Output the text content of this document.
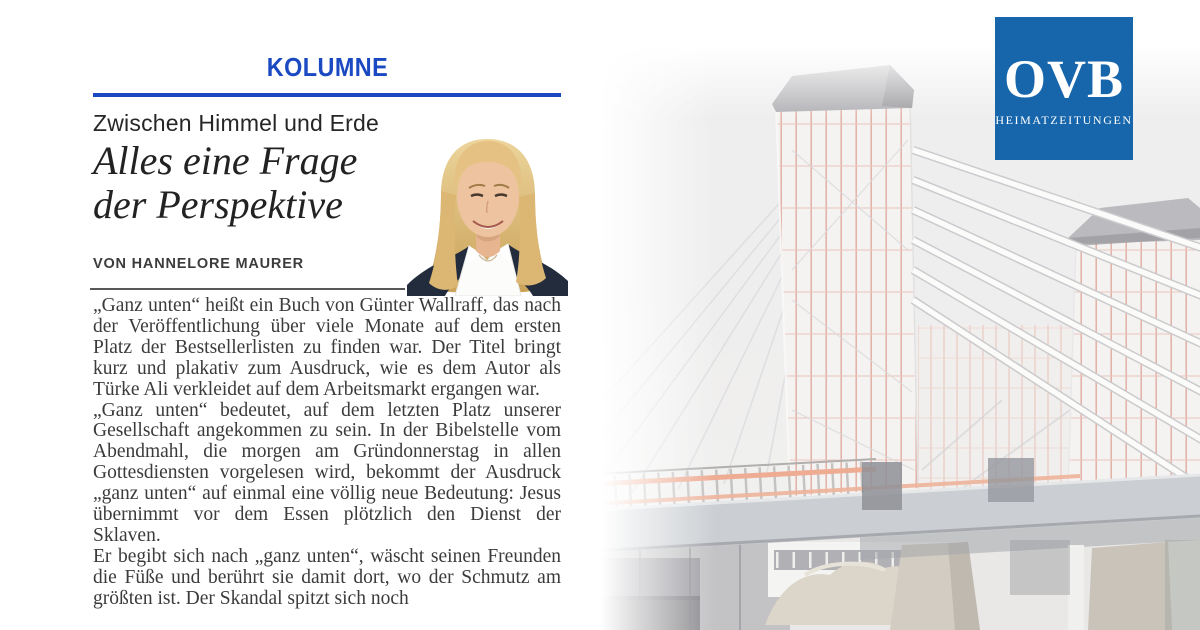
OVB
HEIMATZEITUNGEN
KOLUMNE
Zwischen Himmel und Erde
Alles eine Frage
der Perspektive
VON HANNELORE MAURER

„Ganz unten“ heißt ein Buch von Günter Wallraff, das nach der Veröffentlichung über viele Monate auf dem ersten Platz der Bestsellerlisten zu finden war. Der Titel bringt kurz und plakativ zum Ausdruck, wie es dem Autor als Türke Ali verkleidet auf dem Arbeitsmarkt ergangen war.

„Ganz unten“ bedeutet, auf dem letzten Platz unserer Gesellschaft angekommen zu sein. In der Bibelstelle vom Abendmahl, die morgen am Gründonnerstag in allen Gottesdiensten vorgelesen wird, bekommt der Ausdruck „ganz unten“ auf einmal eine völlig neue Bedeutung: Jesus übernimmt vor dem Essen plötzlich den Dienst der Sklaven.

Er begibt sich nach „ganz unten“, wäscht seinen Freunden die Füße und berührt sie damit dort, wo der Schmutz am größten ist. Der Skandal spitzt sich noch
